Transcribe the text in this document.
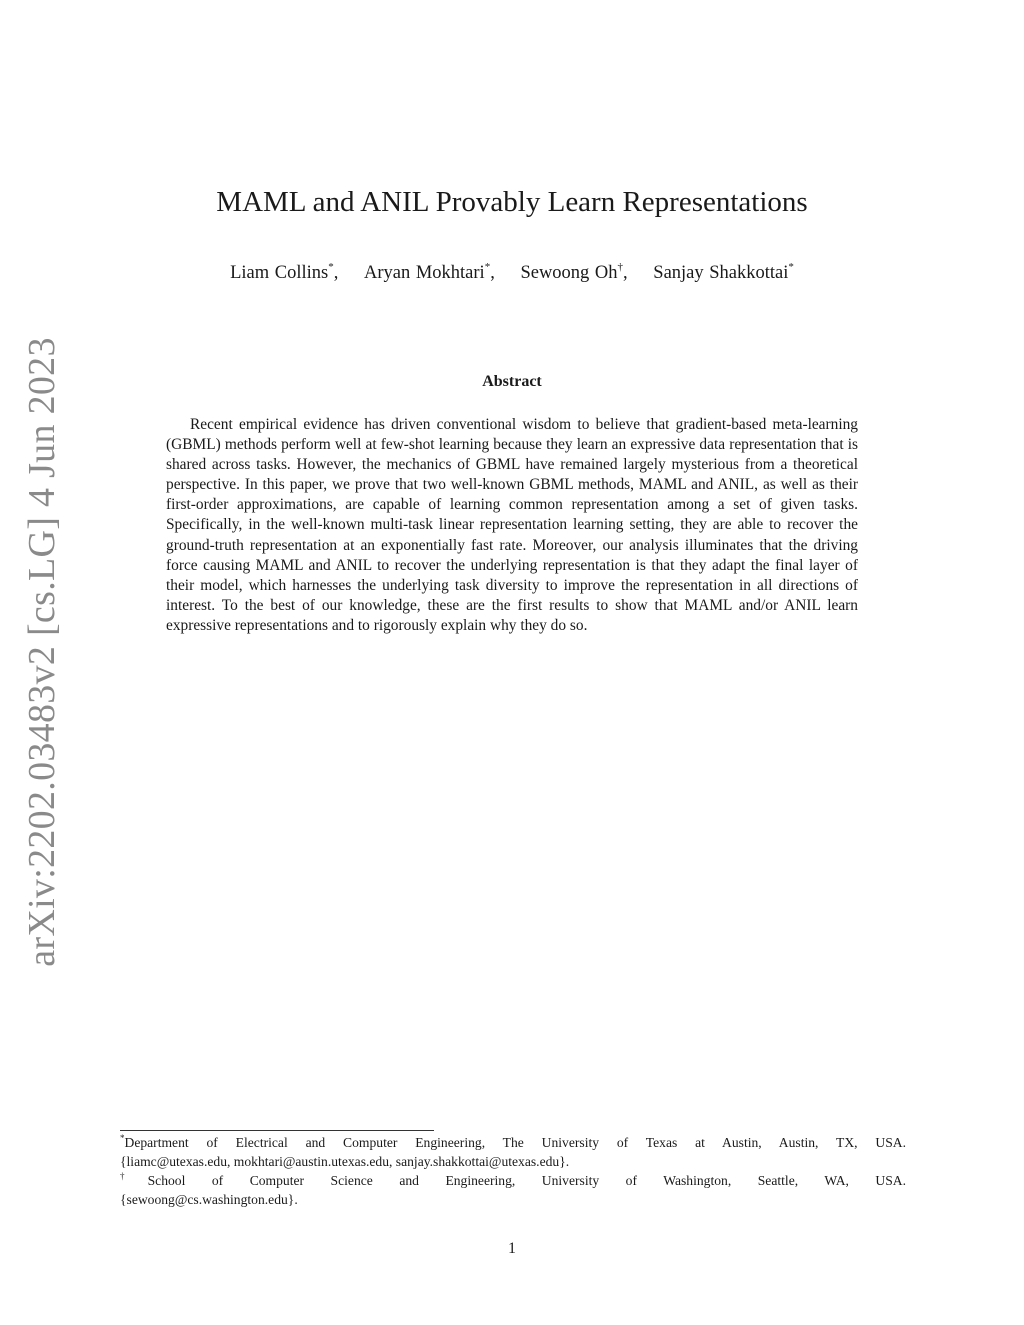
arXiv:2202.03483v2 [cs.LG] 4 Jun 2023
MAML and ANIL Provably Learn Representations
Liam Collins*, Aryan Mokhtari*, Sewoong Oh†, Sanjay Shakkottai*
Abstract

Recent empirical evidence has driven conventional wisdom to believe that gradient-based meta-learning (GBML) methods perform well at few-shot learning because they learn an expressive data representation that is shared across tasks. However, the mechanics of GBML have remained largely mysterious from a theoretical perspective. In this paper, we prove that two well-known GBML methods, MAML and ANIL, as well as their first-order approximations, are capable of learning common representation among a set of given tasks. Specifically, in the well-known multi-task linear representation learning setting, they are able to recover the ground-truth representation at an exponentially fast rate. Moreover, our analysis illuminates that the driving force causing MAML and ANIL to recover the underlying representation is that they adapt the final layer of their model, which harnesses the underlying task diversity to improve the representation in all directions of interest. To the best of our knowledge, these are the first results to show that MAML and/or ANIL learn expressive representations and to rigorously explain why they do so.

*Department of Electrical and Computer Engineering, The University of Texas at Austin, Austin, TX, USA.
{liamc@utexas.edu, mokhtari@austin.utexas.edu, sanjay.shakkottai@utexas.edu}.
†School of Computer Science and Engineering, University of Washington, Seattle, WA, USA.
{sewoong@cs.washington.edu}.
1
